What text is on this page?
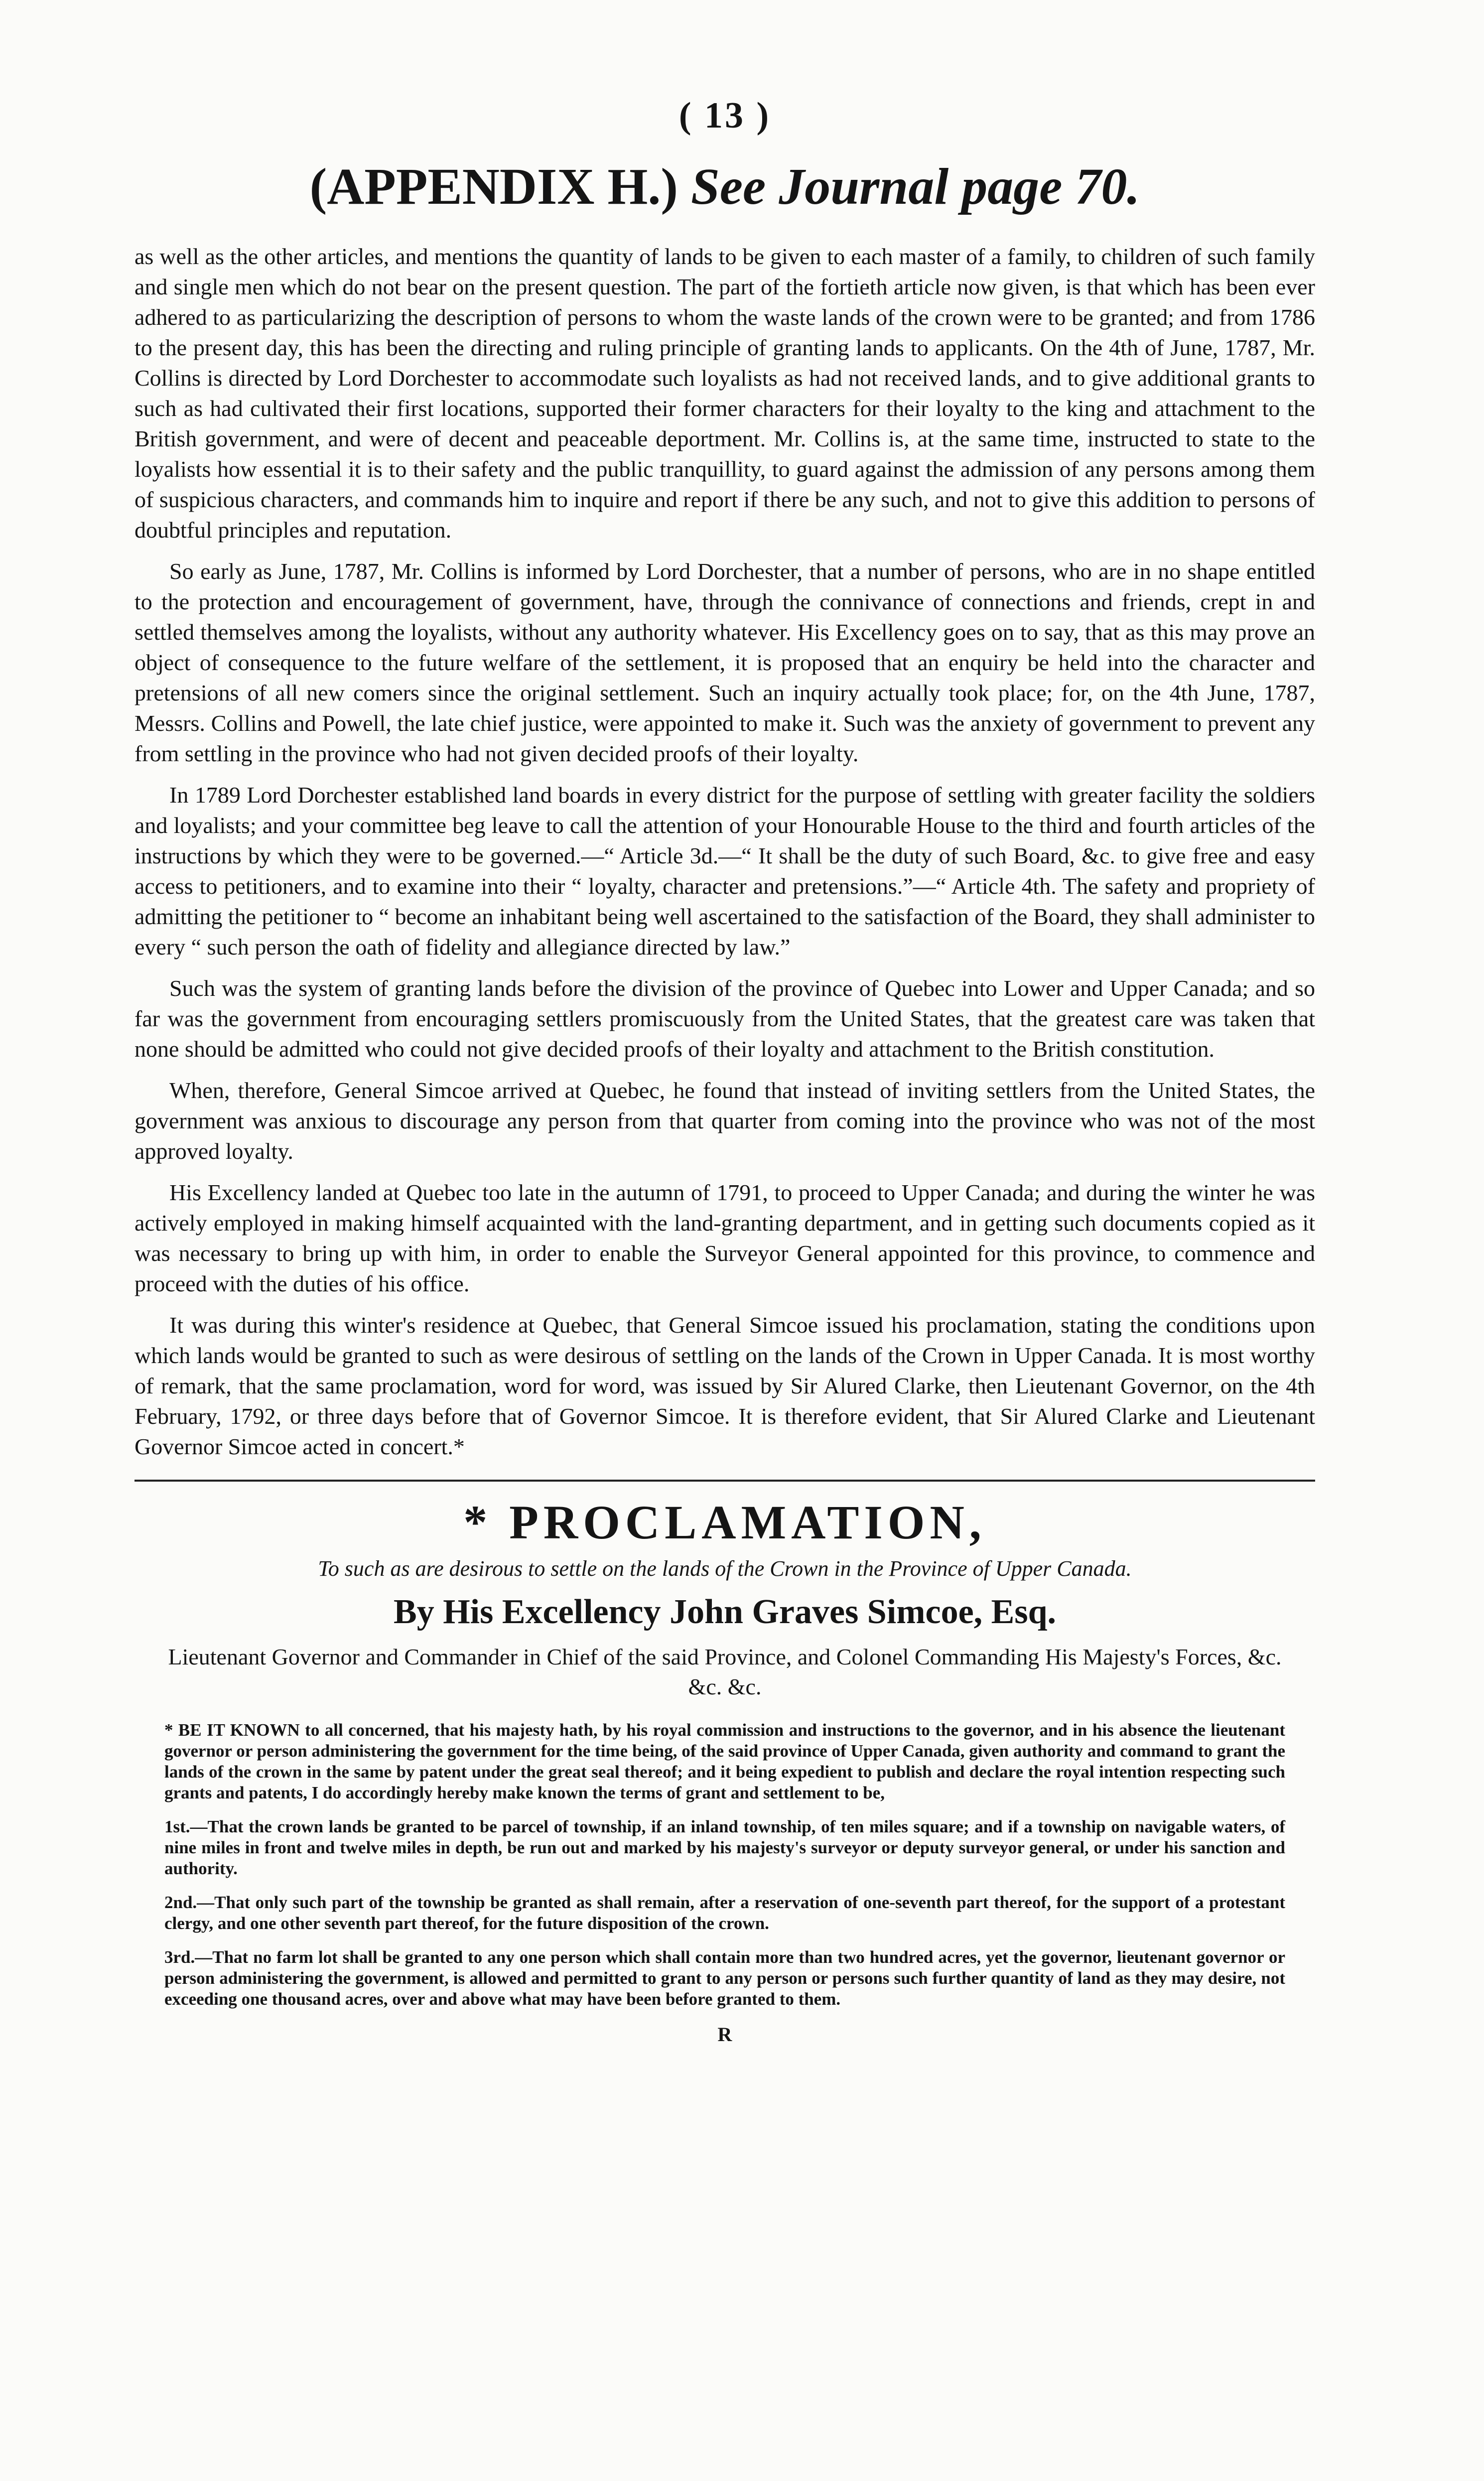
( 13 )
(APPENDIX H.) See Journal page 70.

as well as the other articles, and mentions the quantity of lands to be given to each master of a family, to children of such family and single men which do not bear on the present question. The part of the fortieth article now given, is that which has been ever adhered to as particularizing the description of persons to whom the waste lands of the crown were to be granted; and from 1786 to the present day, this has been the directing and ruling principle of granting lands to applicants. On the 4th of June, 1787, Mr. Collins is directed by Lord Dorchester to accommodate such loyalists as had not received lands, and to give additional grants to such as had cultivated their first locations, supported their former characters for their loyalty to the king and attachment to the British government, and were of decent and peaceable deportment. Mr. Collins is, at the same time, instructed to state to the loyalists how essential it is to their safety and the public tranquillity, to guard against the admission of any persons among them of suspicious characters, and commands him to inquire and report if there be any such, and not to give this addition to persons of doubtful principles and reputation.

So early as June, 1787, Mr. Collins is informed by Lord Dorchester, that a number of persons, who are in no shape entitled to the protection and encouragement of government, have, through the connivance of connections and friends, crept in and settled themselves among the loyalists, without any authority whatever. His Excellency goes on to say, that as this may prove an object of consequence to the future welfare of the settlement, it is proposed that an enquiry be held into the character and pretensions of all new comers since the original settlement. Such an inquiry actually took place; for, on the 4th June, 1787, Messrs. Collins and Powell, the late chief justice, were appointed to make it. Such was the anxiety of government to prevent any from settling in the province who had not given decided proofs of their loyalty.

In 1789 Lord Dorchester established land boards in every district for the purpose of settling with greater facility the soldiers and loyalists; and your committee beg leave to call the attention of your Honourable House to the third and fourth articles of the instructions by which they were to be governed.—“ Article 3d.—“ It shall be the duty of such Board, &c. to give free and easy access to petitioners, and to examine into their “ loyalty, character and pretensions.”—“ Article 4th. The safety and propriety of admitting the petitioner to “ become an inhabitant being well ascertained to the satisfaction of the Board, they shall administer to every “ such person the oath of fidelity and allegiance directed by law.”

Such was the system of granting lands before the division of the province of Quebec into Lower and Upper Canada; and so far was the government from encouraging settlers promiscuously from the United States, that the greatest care was taken that none should be admitted who could not give decided proofs of their loyalty and attachment to the British constitution.

When, therefore, General Simcoe arrived at Quebec, he found that instead of inviting settlers from the United States, the government was anxious to discourage any person from that quarter from coming into the province who was not of the most approved loyalty.

His Excellency landed at Quebec too late in the autumn of 1791, to proceed to Upper Canada; and during the winter he was actively employed in making himself acquainted with the land-granting department, and in getting such documents copied as it was necessary to bring up with him, in order to enable the Surveyor General appointed for this province, to commence and proceed with the duties of his office.

It was during this winter's residence at Quebec, that General Simcoe issued his proclamation, stating the conditions upon which lands would be granted to such as were desirous of settling on the lands of the Crown in Upper Canada. It is most worthy of remark, that the same proclamation, word for word, was issued by Sir Alured Clarke, then Lieutenant Governor, on the 4th February, 1792, or three days before that of Governor Simcoe. It is therefore evident, that Sir Alured Clarke and Lieutenant Governor Simcoe acted in concert.*

* PROCLAMATION,
To such as are desirous to settle on the lands of the Crown in the Province of Upper Canada.
By His Excellency John Graves Simcoe, Esq.
Lieutenant Governor and Commander in Chief of the said Province, and Colonel Commanding His Majesty's Forces, &c. &c. &c.

* BE IT KNOWN to all concerned, that his majesty hath, by his royal commission and instructions to the governor, and in his absence the lieutenant governor or person administering the government for the time being, of the said province of Upper Canada, given authority and command to grant the lands of the crown in the same by patent under the great seal thereof; and it being expedient to publish and declare the royal intention respecting such grants and patents, I do accordingly hereby make known the terms of grant and settlement to be,

1st.—That the crown lands be granted to be parcel of township, if an inland township, of ten miles square; and if a township on navigable waters, of nine miles in front and twelve miles in depth, be run out and marked by his majesty's surveyor or deputy surveyor general, or under his sanction and authority.

2nd.—That only such part of the township be granted as shall remain, after a reservation of one-seventh part thereof, for the support of a protestant clergy, and one other seventh part thereof, for the future disposition of the crown.

3rd.—That no farm lot shall be granted to any one person which shall contain more than two hundred acres, yet the governor, lieutenant governor or person administering the government, is allowed and permitted to grant to any person or persons such further quantity of land as they may desire, not exceeding one thousand acres, over and above what may have been before granted to them.

R
